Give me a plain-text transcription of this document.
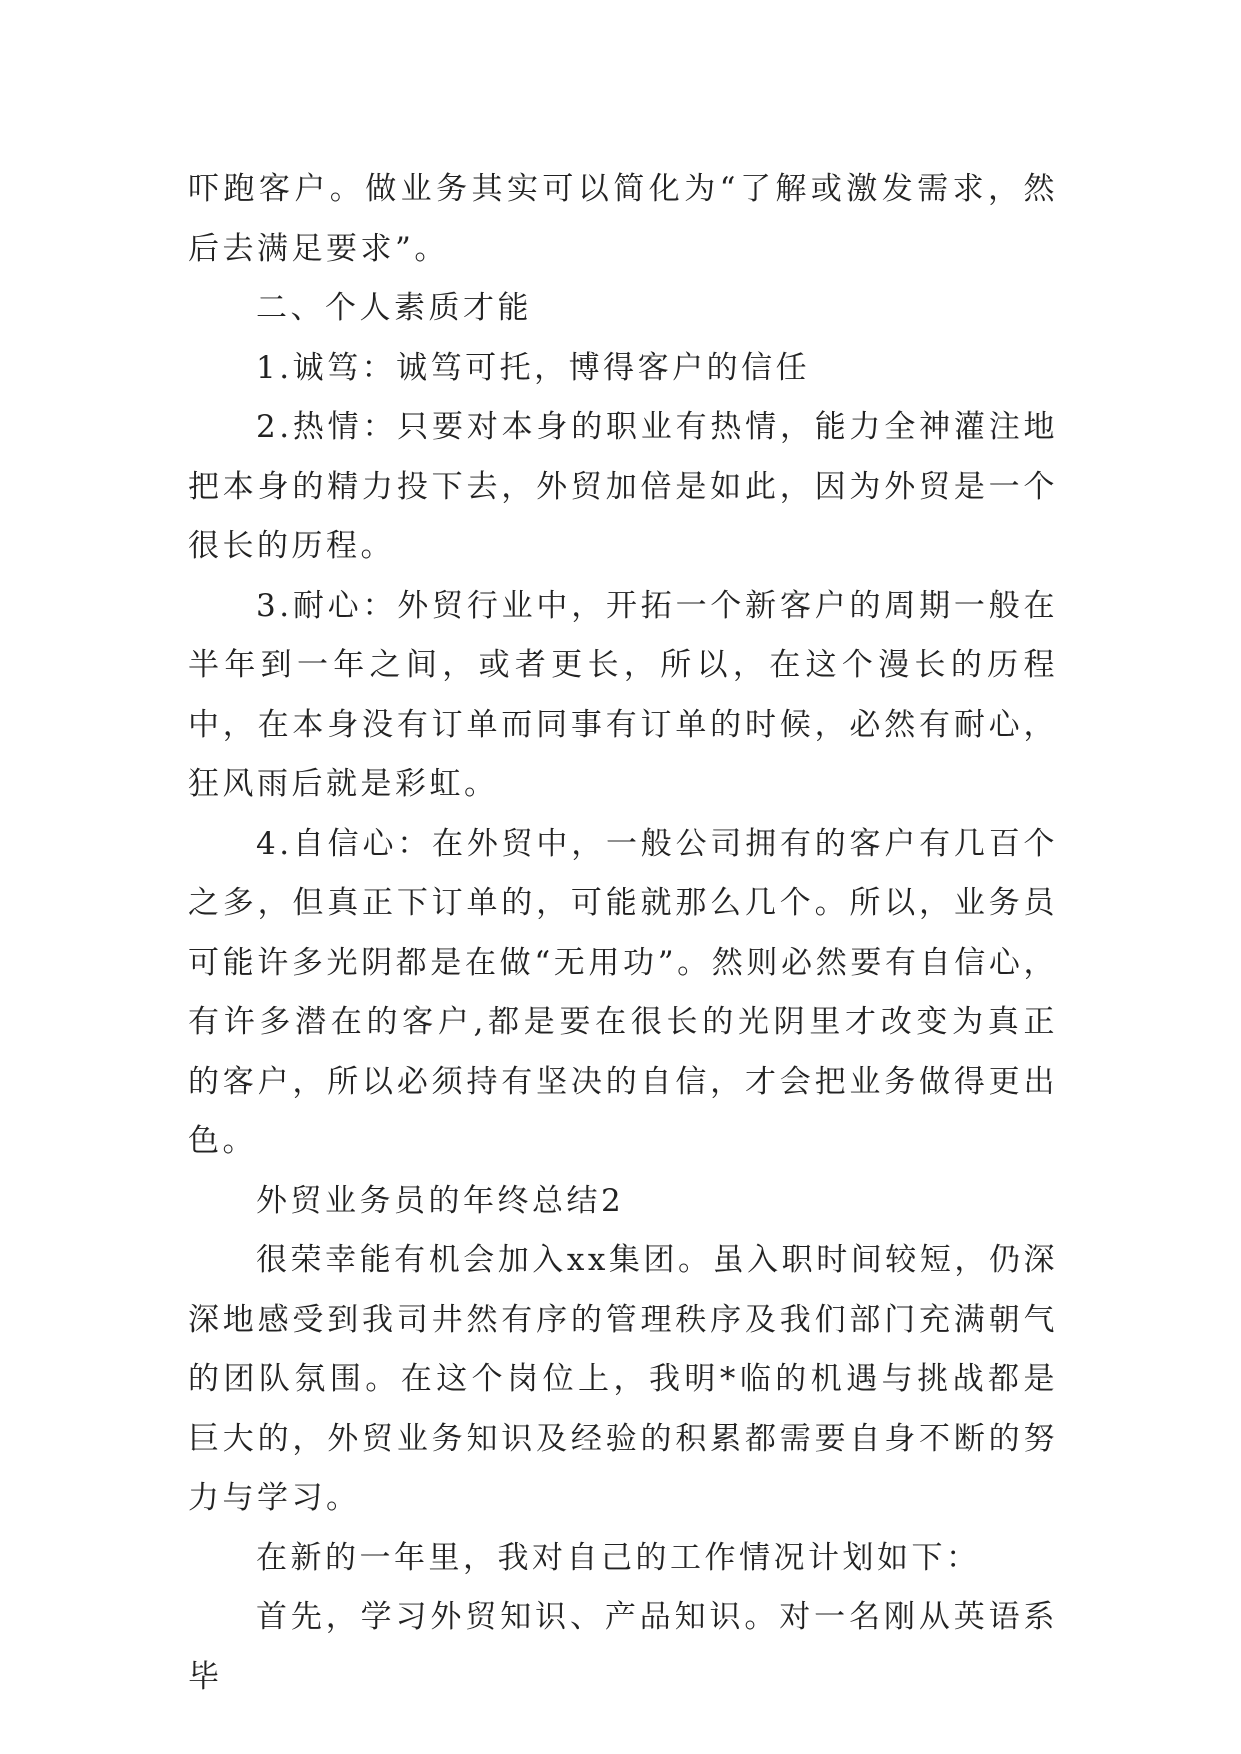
吓跑客户。做业务其实可以简化为“了解或激发需求，然后去满足要求”。

二、个人素质才能

1.诚笃：诚笃可托，博得客户的信任

2.热情：只要对本身的职业有热情，能力全神灌注地把本身的精力投下去，外贸加倍是如此，因为外贸是一个很长的历程。

3.耐心：外贸行业中，开拓一个新客户的周期一般在半年到一年之间，或者更长，所以，在这个漫长的历程中，在本身没有订单而同事有订单的时候，必然有耐心，狂风雨后就是彩虹。

4.自信心：在外贸中，一般公司拥有的客户有几百个之多，但真正下订单的，可能就那么几个。所以，业务员可能许多光阴都是在做“无用功”。然则必然要有自信心，有许多潜在的客户,都是要在很长的光阴里才改变为真正的客户，所以必须持有坚决的自信，才会把业务做得更出色。

外贸业务员的年终总结2

很荣幸能有机会加入xx集团。虽入职时间较短，仍深深地感受到我司井然有序的管理秩序及我们部门充满朝气的团队氛围。在这个岗位上，我明*临的机遇与挑战都是巨大的，外贸业务知识及经验的积累都需要自身不断的努力与学习。

在新的一年里，我对自己的工作情况计划如下：

首先，学习外贸知识、产品知识。对一名刚从英语系毕
